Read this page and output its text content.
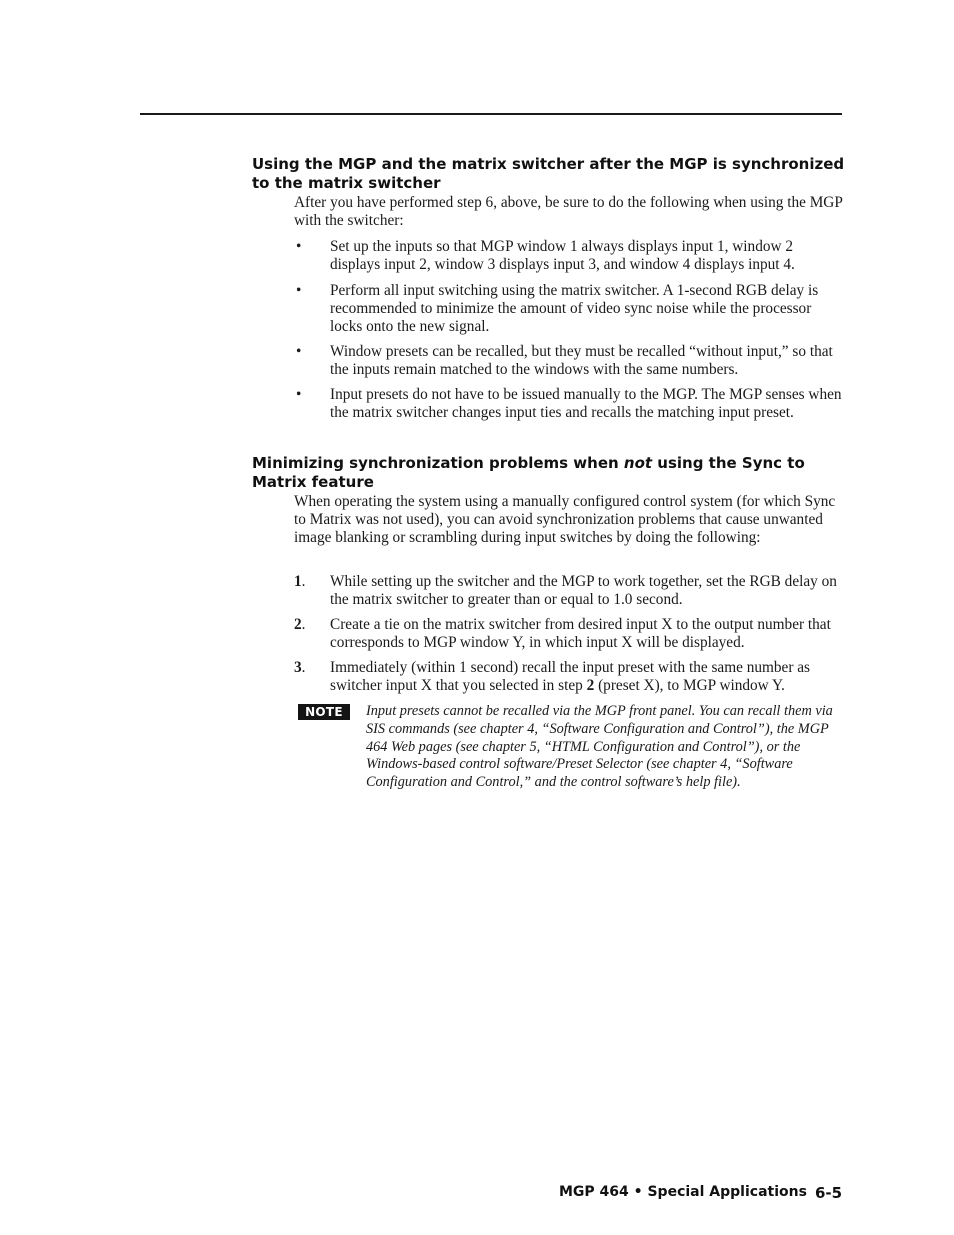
Using the MGP and the matrix switcher after the MGP is synchronized to the matrix switcher
After you have performed step 6, above, be sure to do the following when using the MGP with the switcher:
•	Set up the inputs so that MGP window 1 always displays input 1, window 2 displays input 2, window 3 displays input 3, and window 4 displays input 4.
•	Perform all input switching using the matrix switcher. A 1-second RGB delay is recommended to minimize the amount of video sync noise while the processor locks onto the new signal.
•	Window presets can be recalled, but they must be recalled “without input,” so that the inputs remain matched to the windows with the same numbers.
•	Input presets do not have to be issued manually to the MGP. The MGP senses when the matrix switcher changes input ties and recalls the matching input preset.
Minimizing synchronization problems when not using the Sync to Matrix feature
When operating the system using a manually configured control system (for which Sync to Matrix was not used), you can avoid synchronization problems that cause unwanted image blanking or scrambling during input switches by doing the following:
1.	While setting up the switcher and the MGP to work together, set the RGB delay on the matrix switcher to greater than or equal to 1.0 second.
2.	Create a tie on the matrix switcher from desired input X to the output number that corresponds to MGP window Y, in which input X will be displayed.
3.	Immediately (within 1 second) recall the input preset with the same number as switcher input X that you selected in step 2 (preset X), to MGP window Y.
NOTE	Input presets cannot be recalled via the MGP front panel. You can recall them via SIS commands (see chapter 4, “Software Configuration and Control”), the MGP 464 Web pages (see chapter 5, “HTML Configuration and Control”), or the Windows-based control software/Preset Selector (see chapter 4, “Software Configuration and Control,” and the control software’s help file).
MGP 464 • Special Applications 6-5
